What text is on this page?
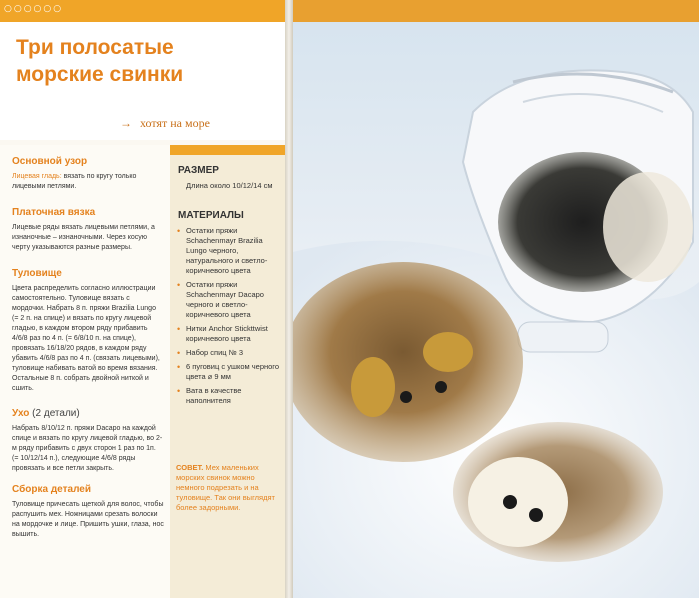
○○○○○○
Три полосатые
морские свинки
→ хотят на море
Основной узор
Лицевая гладь: вязать по кругу только лицевыми петлями.
Платочная вязка
Лицевые ряды вязать лицевыми петлями, а изнаночные – изнаночными. Через косую черту указываются разные размеры.
Туловище
Цвета распределить согласно иллюстрации самостоятельно. Туловище вязать с мордочки. Набрать 8 п. пряжи Brazilia Lungo (= 2 п. на спице) и вязать по кругу лицевой гладью, в каждом втором ряду прибавить 4/6/8 раз по 4 п. (= 6/8/10 п. на спице), провязать 16/18/20 рядов, в каждом ряду убавить 4/6/8 раз по 4 п. (связать лицевыми), туловище набивать ватой во время вязания. Остальные 8 п. собрать двойной ниткой и сшить.
Ухо (2 детали)
Набрать 8/10/12 п. пряжи Dacapo на каждой спице и вязать по кругу лицевой гладью, во 2-м ряду прибавить с двух сторон 1 раз по 1п. (= 10/12/14 п.), следующие 4/6/8 ряды провязать и все петли закрыть.
Сборка деталей
Туловище причесать щеткой для волос, чтобы распушить мех. Ножницами срезать волоски на мордочке и лице. Пришить ушки, глаза, нос вышить.
РАЗМЕР
Длина около 10/12/14 см
МАТЕРИАЛЫ
• Остатки пряжи Schachenmayr Brazilia Lungo черного, натурального и светло-коричневого цвета
• Остатки пряжи Schachenmayr Dacapo черного и светло-коричневого цвета
• Нитки Anchor Stickttwist коричневого цвета
• Набор спиц № 3
• 6 пуговиц с ушком черного цвета ⌀ 9 мм
• Вата в качестве наполнителя
СОВЕТ. Мех маленьких морских свинок можно немного подрезать и на туловище. Так они выглядят более задорными.
